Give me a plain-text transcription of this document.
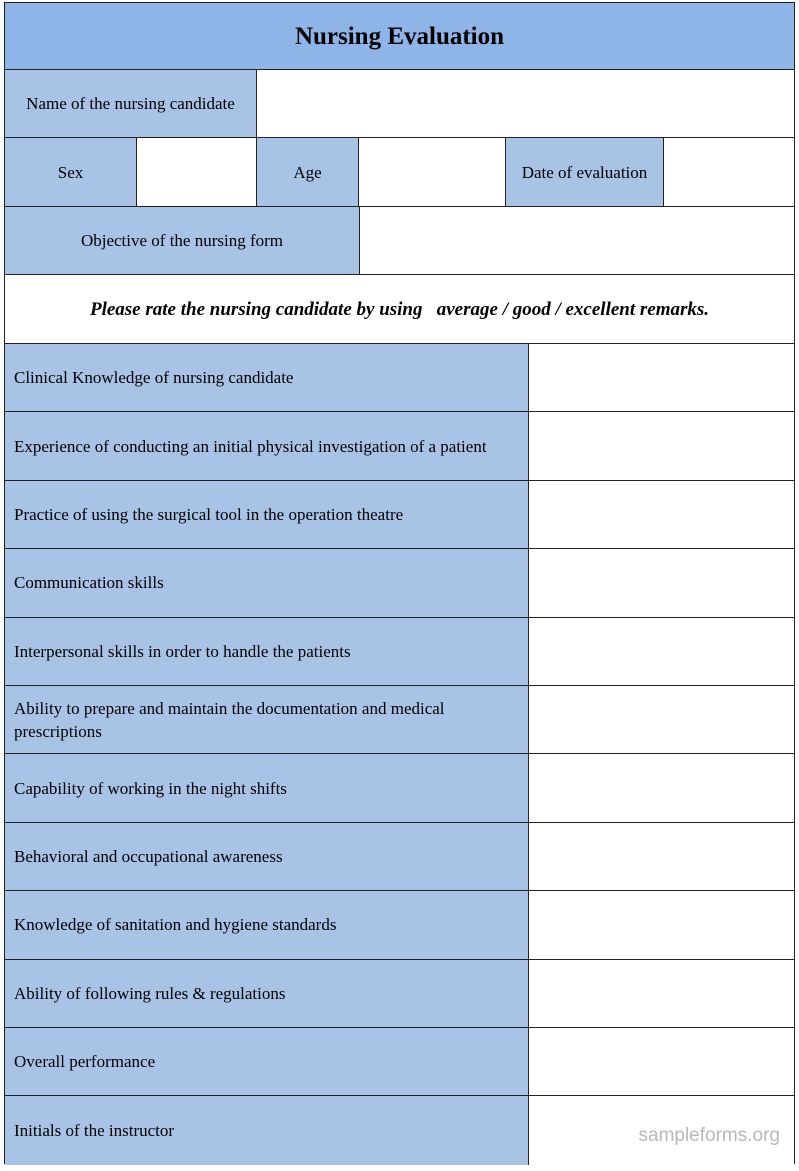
Nursing Evaluation
Name of the nursing candidate
Sex	Age	Date of evaluation
Objective of the nursing form
Please rate the nursing candidate by using   average / good / excellent remarks.
Clinical Knowledge of nursing candidate
Experience of conducting an initial physical investigation of a patient
Practice of using the surgical tool in the operation theatre
Communication skills
Interpersonal skills in order to handle the patients
Ability to prepare and maintain the documentation and medical prescriptions
Capability of working in the night shifts
Behavioral and occupational awareness
Knowledge of sanitation and hygiene standards
Ability of following rules & regulations
Overall performance
Initials of the instructor	sampleforms.org
